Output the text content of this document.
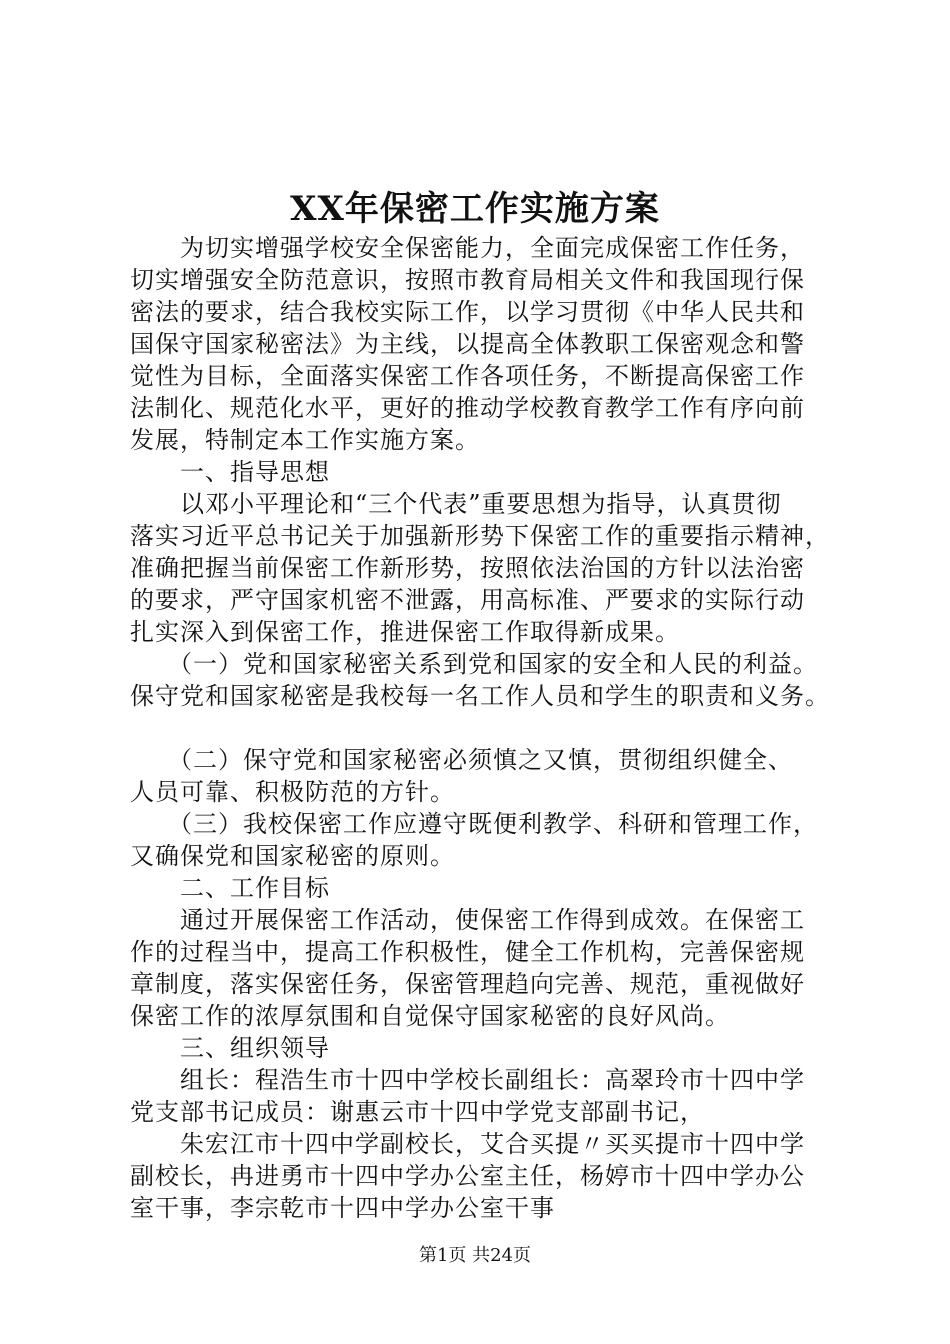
XX年保密工作实施方案
　　为切实增强学校安全保密能力，全面完成保密工作任务，
切实增强安全防范意识，按照市教育局相关文件和我国现行保
密法的要求，结合我校实际工作，以学习贯彻《中华人民共和
国保守国家秘密法》为主线，以提高全体教职工保密观念和警
觉性为目标，全面落实保密工作各项任务，不断提高保密工作
法制化、规范化水平，更好的推动学校教育教学工作有序向前
发展，特制定本工作实施方案。
　　一、指导思想
　　以邓小平理论和“三个代表”重要思想为指导，认真贯彻
落实习近平总书记关于加强新形势下保密工作的重要指示精神，
准确把握当前保密工作新形势，按照依法治国的方针以法治密
的要求，严守国家机密不泄露，用高标准、严要求的实际行动
扎实深入到保密工作，推进保密工作取得新成果。
　　（一）党和国家秘密关系到党和国家的安全和人民的利益。
保守党和国家秘密是我校每一名工作人员和学生的职责和义务。
　　（二）保守党和国家秘密必须慎之又慎，贯彻组织健全、
人员可靠、积极防范的方针。
　　（三）我校保密工作应遵守既便利教学、科研和管理工作，
又确保党和国家秘密的原则。
　　二、工作目标
　　通过开展保密工作活动，使保密工作得到成效。在保密工
作的过程当中，提高工作积极性，健全工作机构，完善保密规
章制度，落实保密任务，保密管理趋向完善、规范，重视做好
保密工作的浓厚氛围和自觉保守国家秘密的良好风尚。
　　三、组织领导
　　组长：程浩生市十四中学校长副组长：高翠玲市十四中学
党支部书记成员：谢惠云市十四中学党支部副书记，
　　朱宏江市十四中学副校长，艾合买提〃买买提市十四中学
副校长，冉进勇市十四中学办公室主任，杨婷市十四中学办公
室干事，李宗乾市十四中学办公室干事
第1页 共24页
